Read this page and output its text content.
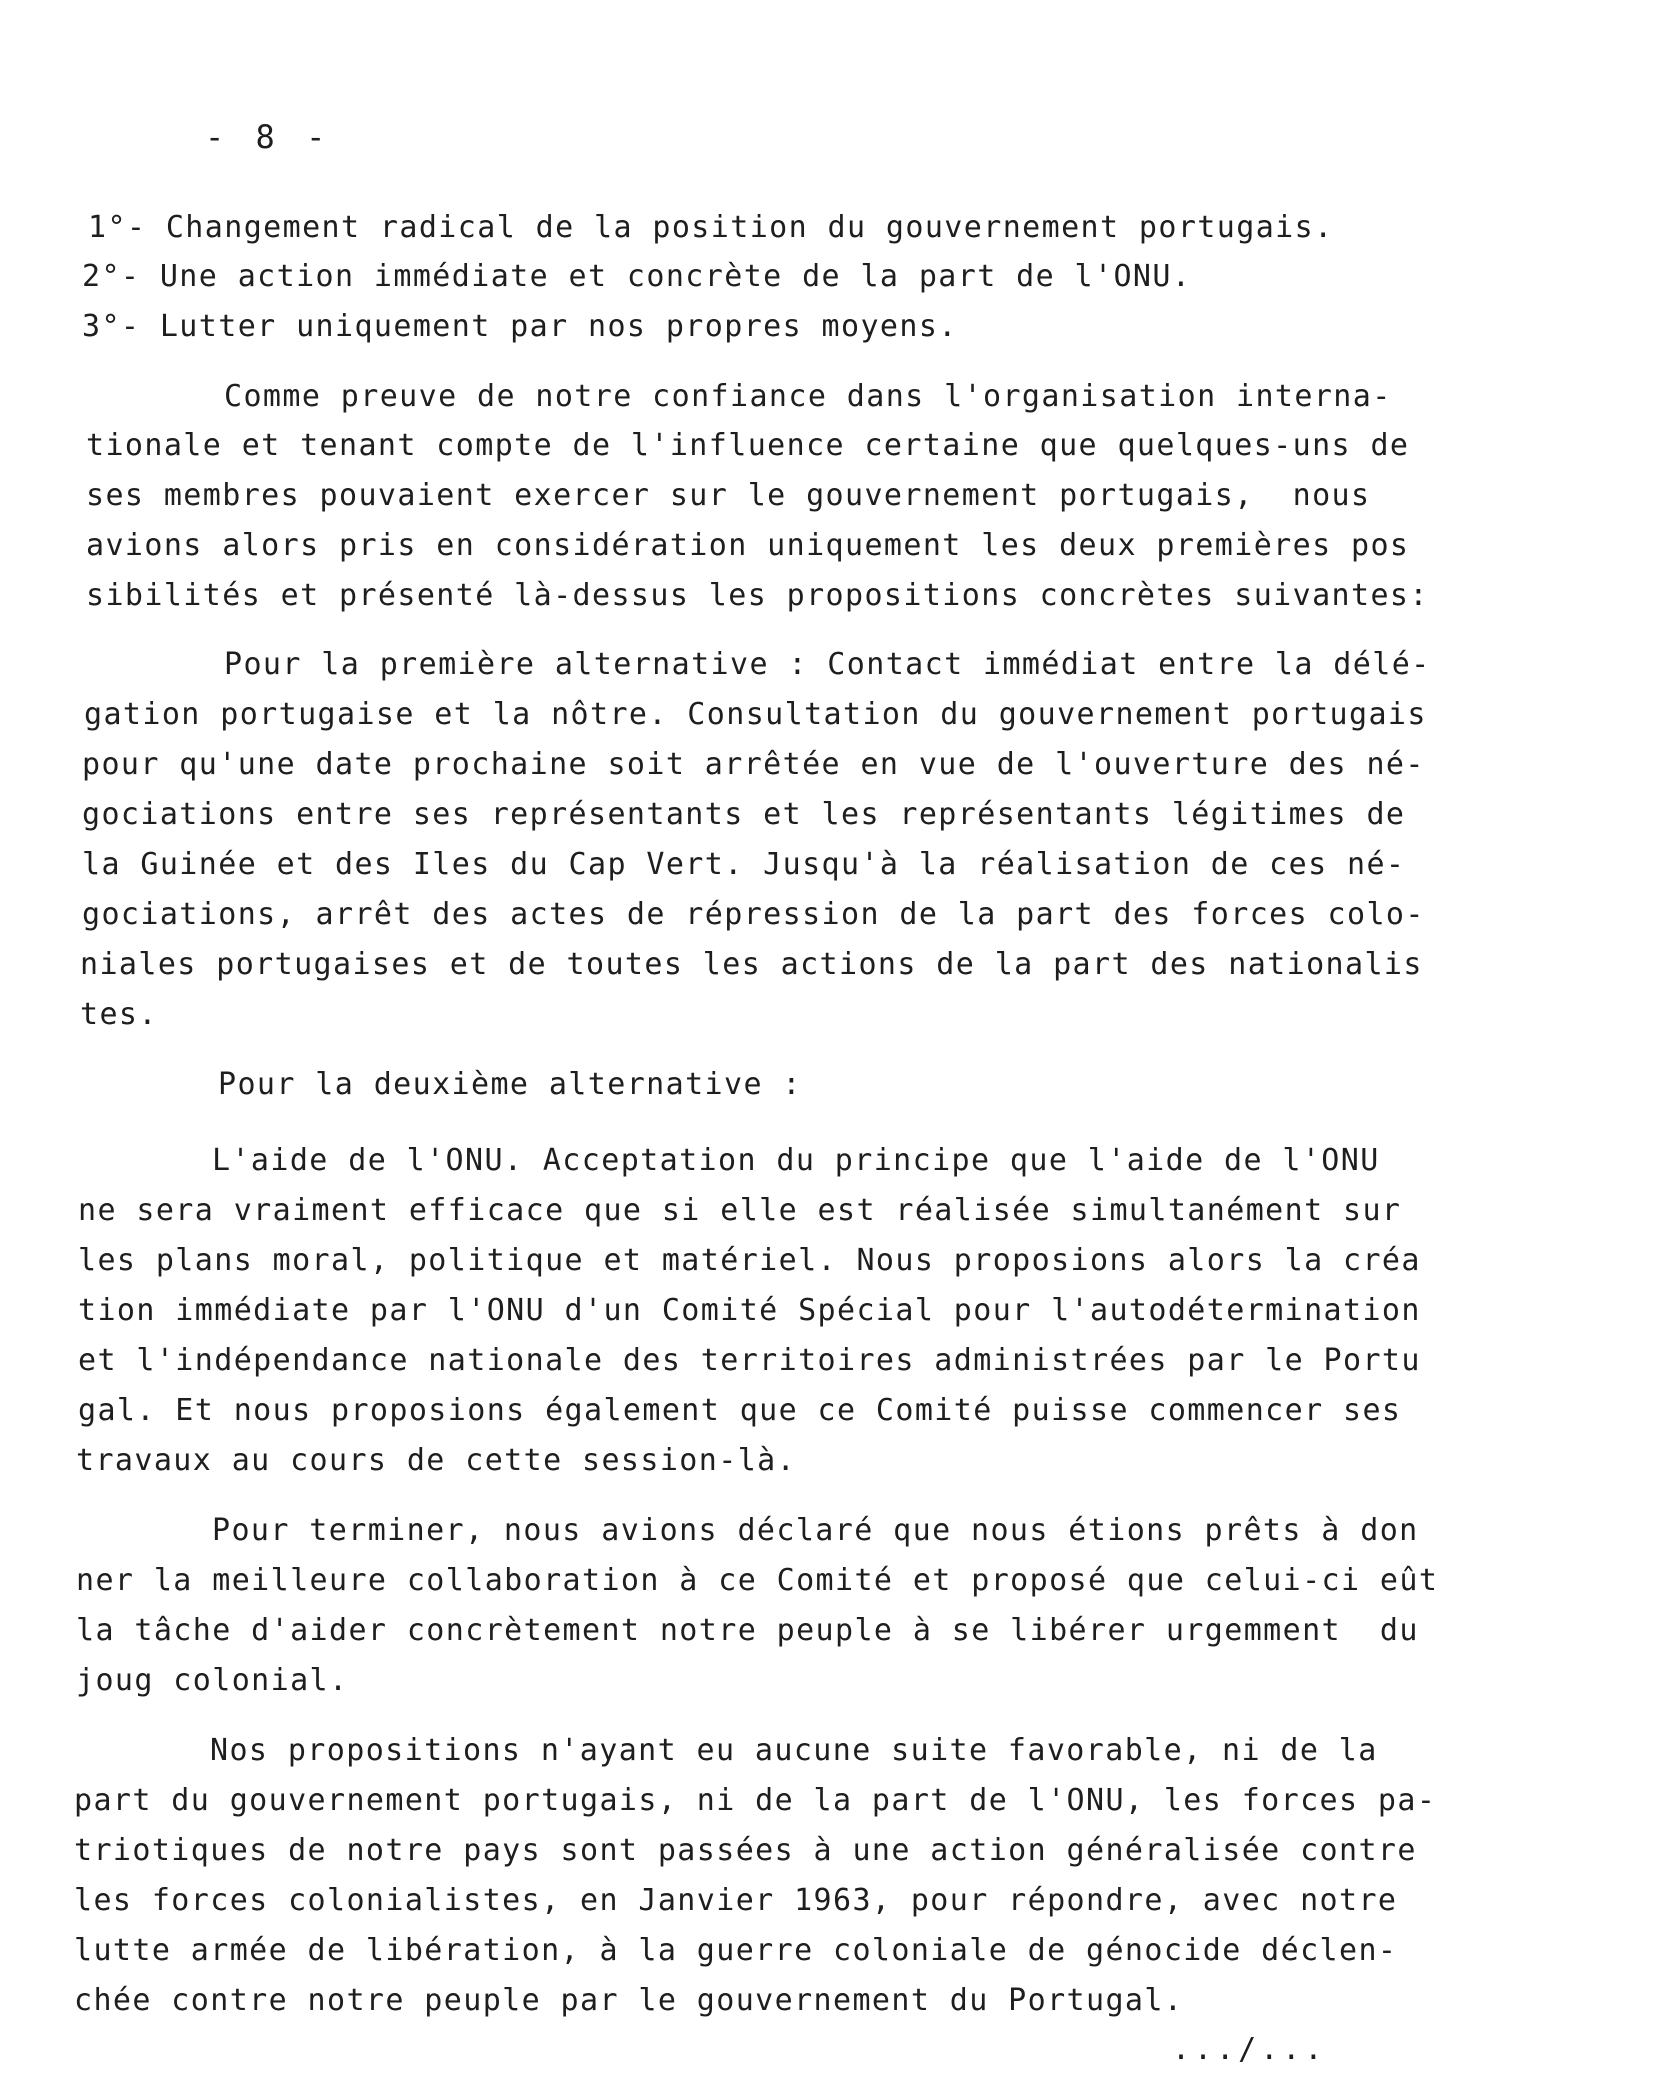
- 8 -
1°- Changement radical de la position du gouvernement portugais.
2°- Une action immédiate et concrète de la part de l'ONU.
3°- Lutter uniquement par nos propres moyens.
Comme preuve de notre confiance dans l'organisation interna-
tionale et tenant compte de l'influence certaine que quelques-uns de
ses membres pouvaient exercer sur le gouvernement portugais,  nous
avions alors pris en considération uniquement les deux premières pos
sibilités et présenté là-dessus les propositions concrètes suivantes:
Pour la première alternative : Contact immédiat entre la délé-
gation portugaise et la nôtre. Consultation du gouvernement portugais
pour qu'une date prochaine soit arrêtée en vue de l'ouverture des né-
gociations entre ses représentants et les représentants légitimes de
la Guinée et des Iles du Cap Vert. Jusqu'à la réalisation de ces né-
gociations, arrêt des actes de répression de la part des forces colo-
niales portugaises et de toutes les actions de la part des nationalis
tes.
Pour la deuxième alternative :
L'aide de l'ONU. Acceptation du principe que l'aide de l'ONU
ne sera vraiment efficace que si elle est réalisée simultanément sur
les plans moral, politique et matériel. Nous proposions alors la créa
tion immédiate par l'ONU d'un Comité Spécial pour l'autodétermination
et l'indépendance nationale des territoires administrées par le Portu
gal. Et nous proposions également que ce Comité puisse commencer ses
travaux au cours de cette session-là.
Pour terminer, nous avions déclaré que nous étions prêts à don
ner la meilleure collaboration à ce Comité et proposé que celui-ci eût
la tâche d'aider concrètement notre peuple à se libérer urgemment  du
joug colonial.
Nos propositions n'ayant eu aucune suite favorable, ni de la
part du gouvernement portugais, ni de la part de l'ONU, les forces pa-
triotiques de notre pays sont passées à une action généralisée contre
les forces colonialistes, en Janvier 1963, pour répondre, avec notre
lutte armée de libération, à la guerre coloniale de génocide déclen-
chée contre notre peuple par le gouvernement du Portugal.
.../...
